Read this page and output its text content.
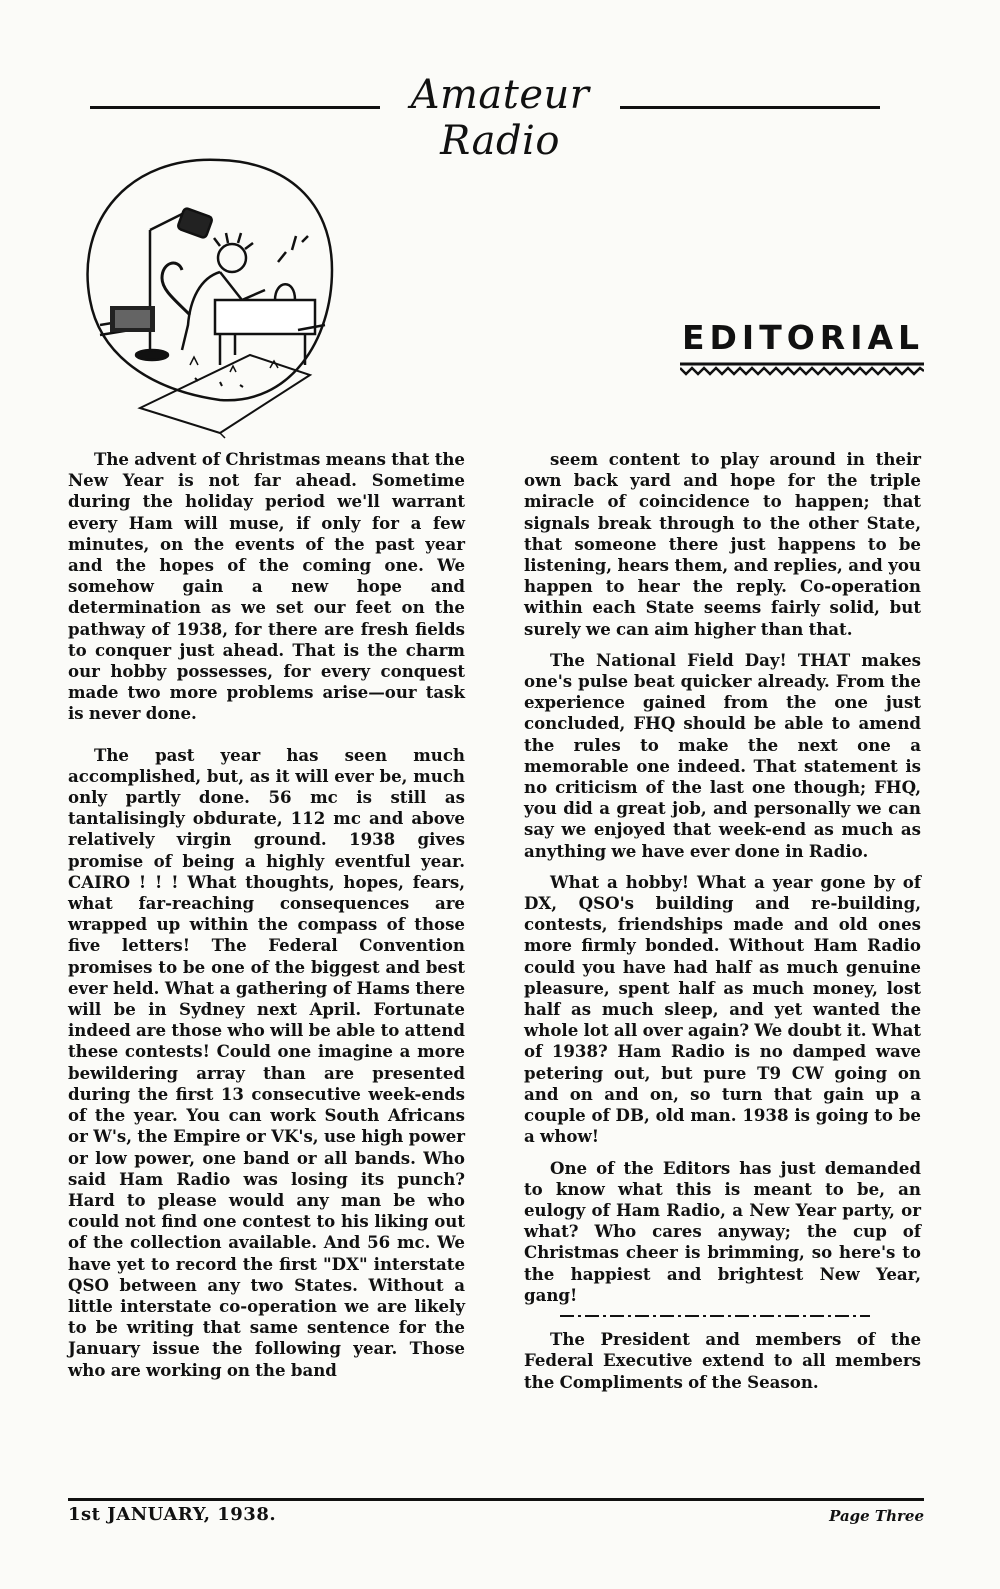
Amateur Radio
EDITORIAL

The advent of Christmas means that the New Year is not far ahead. Sometime during the holiday period we'll warrant every Ham will muse, if only for a few minutes, on the events of the past year and the hopes of the coming one. We somehow gain a new hope and determination as we set our feet on the pathway of 1938, for there are fresh fields to conquer just ahead. That is the charm our hobby possesses, for every conquest made two more problems arise—our task is never done.

The past year has seen much accomplished, but, as it will ever be, much only partly done. 56 mc is still as tantalisingly obdurate, 112 mc and above relatively virgin ground. 1938 gives promise of being a highly eventful year. CAIRO ! ! ! What thoughts, hopes, fears, what far-reaching consequences are wrapped up within the compass of those five letters! The Federal Convention promises to be one of the biggest and best ever held. What a gathering of Hams there will be in Sydney next April. Fortunate indeed are those who will be able to attend these contests! Could one imagine a more bewildering array than are presented during the first 13 consecutive week-ends of the year. You can work South Africans or W's, the Empire or VK's, use high power or low power, one band or all bands. Who said Ham Radio was losing its punch? Hard to please would any man be who could not find one contest to his liking out of the collection available. And 56 mc. We have yet to record the first "DX" interstate QSO between any two States. Without a little interstate co-operation we are likely to be writing that same sentence for the January issue the following year. Those who are working on the band

seem content to play around in their own back yard and hope for the triple miracle of coincidence to happen; that signals break through to the other State, that someone there just happens to be listening, hears them, and replies, and you happen to hear the reply. Co-operation within each State seems fairly solid, but surely we can aim higher than that.

The National Field Day! THAT makes one's pulse beat quicker already. From the experience gained from the one just concluded, FHQ should be able to amend the rules to make the next one a memorable one indeed. That statement is no criticism of the last one though; FHQ, you did a great job, and personally we can say we enjoyed that week-end as much as anything we have ever done in Radio.

What a hobby! What a year gone by of DX, QSO's building and re-building, contests, friendships made and old ones more firmly bonded. Without Ham Radio could you have had half as much genuine pleasure, spent half as much money, lost half as much sleep, and yet wanted the whole lot all over again? We doubt it. What of 1938? Ham Radio is no damped wave petering out, but pure T9 CW going on and on and on, so turn that gain up a couple of DB, old man. 1938 is going to be a whow!

One of the Editors has just demanded to know what this is meant to be, an eulogy of Ham Radio, a New Year party, or what? Who cares anyway; the cup of Christmas cheer is brimming, so here's to the happiest and brightest New Year, gang!

The President and members of the Federal Executive extend to all members the Compliments of the Season.

1st JANUARY, 1938.	Page Three
